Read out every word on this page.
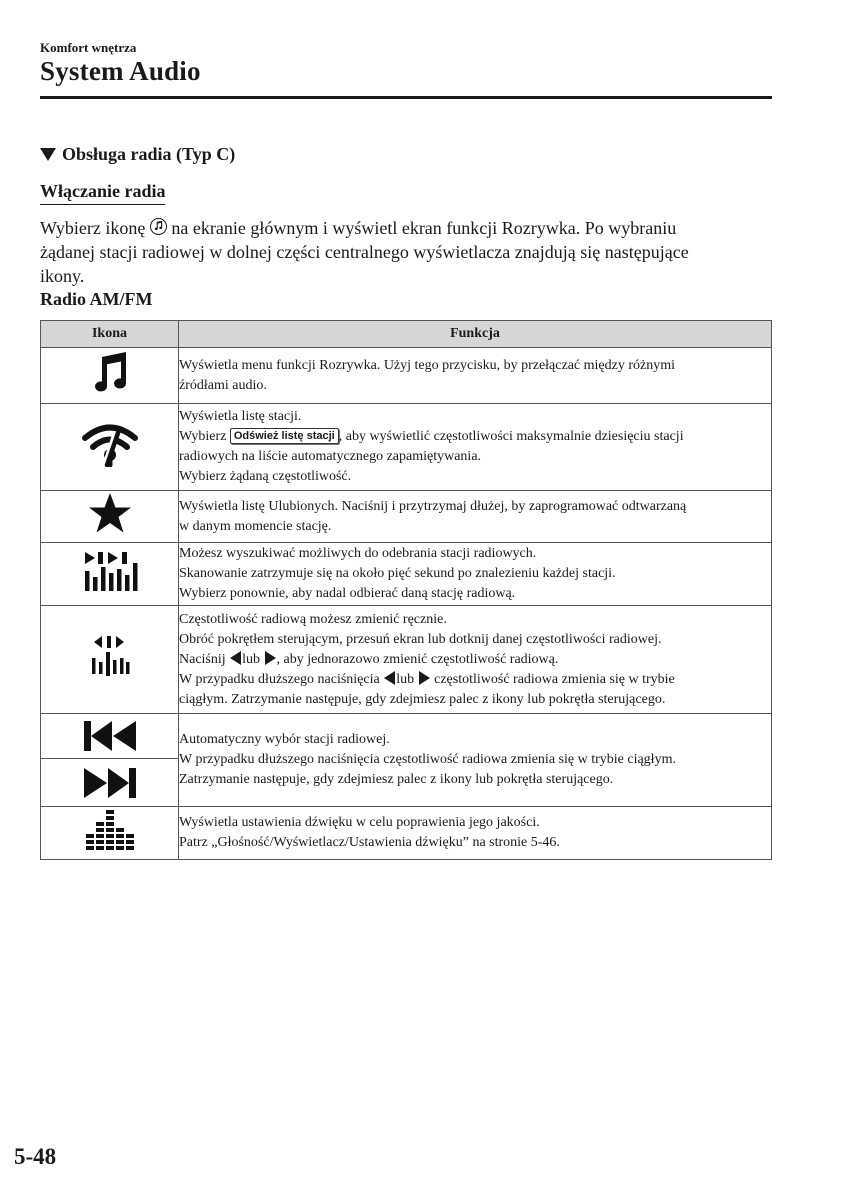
Komfort wnętrza
System Audio
Obsługa radia (Typ C)
Włączanie radia
Wybierz ikonę
na ekranie głównym i wyświetl ekran funkcji Rozrywka. Po wybraniu
żądanej stacji radiowej w dolnej części centralnego wyświetlacza znajdują się następujące
ikony.
Radio AM/FM
Ikona	Funkcja

Wyświetla menu funkcji Rozrywka. Użyj tego przycisku, by przełączać między różnymi
źródłami audio.

Wyświetla listę stacji.
Wybierz Odśwież listę stacji , aby wyświetlić częstotliwości maksymalnie dziesięciu stacji
radiowych na liście automatycznego zapamiętywania.
Wybierz żądaną częstotliwość.

Wyświetla listę Ulubionych. Naciśnij i przytrzymaj dłużej, by zaprogramować odtwarzaną
w danym momencie stację.

Możesz wyszukiwać możliwych do odebrania stacji radiowych.
Skanowanie zatrzymuje się na około pięć sekund po znalezieniu każdej stacji.
Wybierz ponownie, aby nadal odbierać daną stację radiową.

Częstotliwość radiową możesz zmienić ręcznie.
Obróć pokrętłem sterującym, przesuń ekran lub dotknij danej częstotliwości radiowej.
Naciśnij lub , aby jednorazowo zmienić częstotliwość radiową.
W przypadku dłuższego naciśnięcia lub  częstotliwość radiowa zmienia się w trybie
ciągłym. Zatrzymanie następuje, gdy zdejmiesz palec z ikony lub pokrętła sterującego.

Automatyczny wybór stacji radiowej.
W przypadku dłuższego naciśnięcia częstotliwość radiowa zmienia się w trybie ciągłym.
Zatrzymanie następuje, gdy zdejmiesz palec z ikony lub pokrętła sterującego.

Wyświetla ustawienia dźwięku w celu poprawienia jego jakości.
Patrz „Głośność/Wyświetlacz/Ustawienia dźwięku” na stronie 5-46.
5-48
